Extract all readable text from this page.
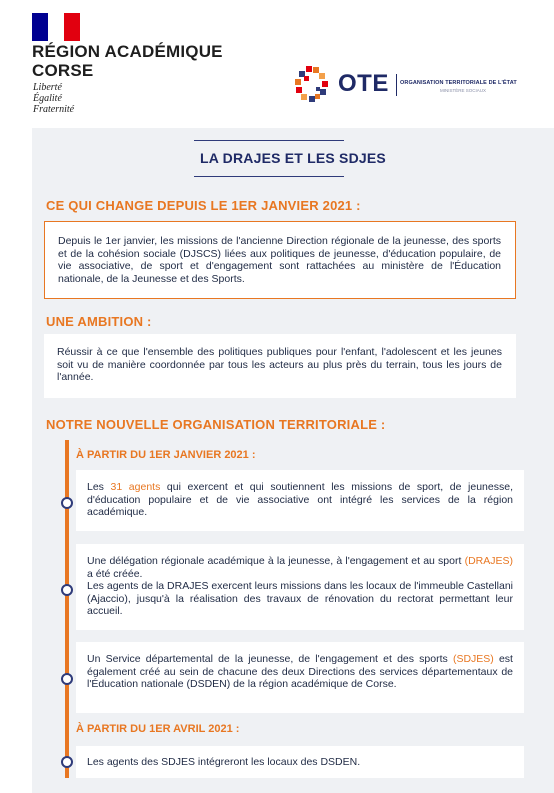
RÉGION ACADÉMIQUE
CORSE
Liberté
Égalité
Fraternité
OTE ORGANISATION TERRITORIALE DE L'ÉTAT
MINISTÈRE SOCIAUX
LA DRAJES ET LES SDJES
CE QUI CHANGE DEPUIS LE 1ER JANVIER 2021 :
Depuis le 1er janvier, les missions de l'ancienne Direction régionale de la jeunesse, des sports et de la cohésion sociale (DJSCS) liées aux politiques de jeunesse, d'éducation populaire, de vie associative, de sport et d'engagement sont rattachées au ministère de l'Éducation nationale, de la Jeunesse et des Sports.
UNE AMBITION :
Réussir à ce que l'ensemble des politiques publiques pour l'enfant, l'adolescent et les jeunes soit vu de manière coordonnée par tous les acteurs au plus près du terrain, tous les jours de l'année.
NOTRE NOUVELLE ORGANISATION TERRITORIALE :
À PARTIR DU 1ER JANVIER 2021 :
Les 31 agents qui exercent et qui soutiennent les missions de sport, de jeunesse, d'éducation populaire et de vie associative ont intégré les services de la région académique.
Une délégation régionale académique à la jeunesse, à l'engagement et au sport (DRAJES) a été créée.
Les agents de la DRAJES exercent leurs missions dans les locaux de l'immeuble Castellani (Ajaccio), jusqu'à la réalisation des travaux de rénovation du rectorat permettant leur accueil.
Un Service départemental de la jeunesse, de l'engagement et des sports (SDJES) est également créé au sein de chacune des deux Directions des services départementaux de l'Éducation nationale (DSDEN) de la région académique de Corse.
À PARTIR DU 1ER AVRIL 2021 :
Les agents des SDJES intégreront les locaux des DSDEN.
